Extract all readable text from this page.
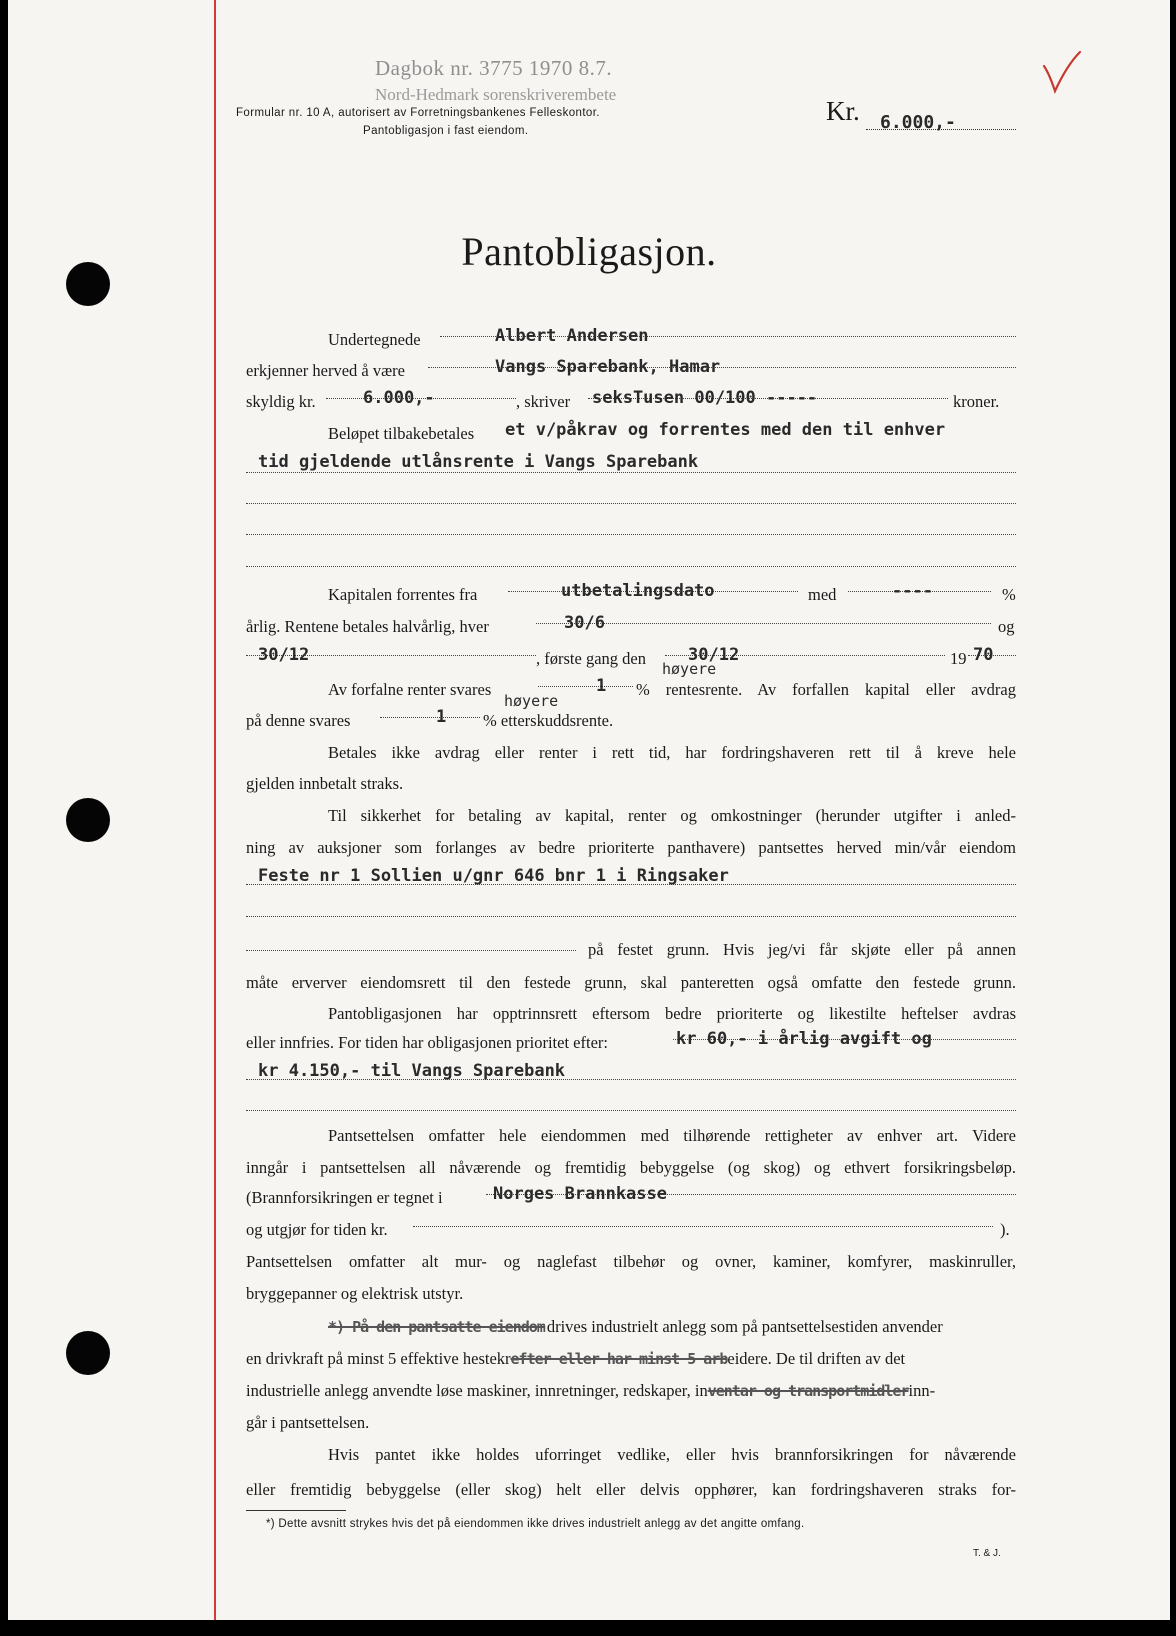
Dagbok nr. 3775 1970 8.7.
Nord-Hedmark sorenskriverembete
Formular nr. 10 A, autorisert av Forretningsbankenes Felleskontor.
Pantobligasjon i fast eiendom.
Kr. 6.000,-
Pantobligasjon.
Undertegnede	Albert Andersen
erkjenner herved å være	Vangs Sparebank, Hamar
skyldig kr.	6.000,-	, skriver seksTusen 00/100 -----	kroner.
Beløpet tilbakebetales et v/påkrav og forrentes med den til enhver
tid gjeldende utlånsrente i Vangs Sparebank
Kapitalen forrentes fra	utbetalingsdato	med	----	%
årlig. Rentene betales halvårlig, hver	30/6	og
30/12	, første gang den 30/12	19 70
Av forfalne renter svares	1
høyere
% rentesrente. Av forfallen kapital eller avdrag
på denne svares	1
høyere
% etterskuddsrente.
Betales ikke avdrag eller renter i rett tid, har fordringshaveren rett til å kreve hele
gjelden innbetalt straks.
Til sikkerhet for betaling av kapital, renter og omkostninger (herunder utgifter i anled-
ning av auksjoner som forlanges av bedre prioriterte panthavere) pantsettes herved min/vår eiendom
Feste nr 1 Sollien u/gnr 646 bnr 1 i Ringsaker
på festet grunn. Hvis jeg/vi får skjøte eller på annen
måte erverver eiendomsrett til den festede grunn, skal panteretten også omfatte den festede grunn.
Pantobligasjonen har opptrinnsrett eftersom bedre prioriterte og likestilte heftelser avdras
eller innfries. For tiden har obligasjonen prioritet efter:	kr 60,- i årlig avgift og
kr 4.150,- til Vangs Sparebank
Pantsettelsen omfatter hele eiendommen med tilhørende rettigheter av enhver art. Videre
inngår i pantsettelsen all nåværende og fremtidig bebyggelse (og skog) og ethvert forsikringsbeløp.
(Brannforsikringen er tegnet i	Norges Brannkasse
og utgjør for tiden kr.	).
Pantsettelsen omfatter alt mur- og naglefast tilbehør og ovner, kaminer, komfyrer, maskinruller,
bryggepanner og elektrisk utstyr.
*) På den pantsatte eiendom drives industrielt anlegg som på pantsettelsestiden anvender
en drivkraft på minst 5 effektive hestekrefter eller har minst 5 arbeidere. De til driften av det
industrielle anlegg anvendte løse maskiner, innretninger, redskaper, inventar og transportmidlerinn-
går i pantsettelsen.
Hvis pantet ikke holdes uforringet vedlike, eller hvis brannforsikringen for nåværende
eller fremtidig bebyggelse (eller skog) helt eller delvis opphører, kan fordringshaveren straks for-
*) Dette avsnitt strykes hvis det på eiendommen ikke drives industrielt anlegg av det angitte omfang.
T. & J.
